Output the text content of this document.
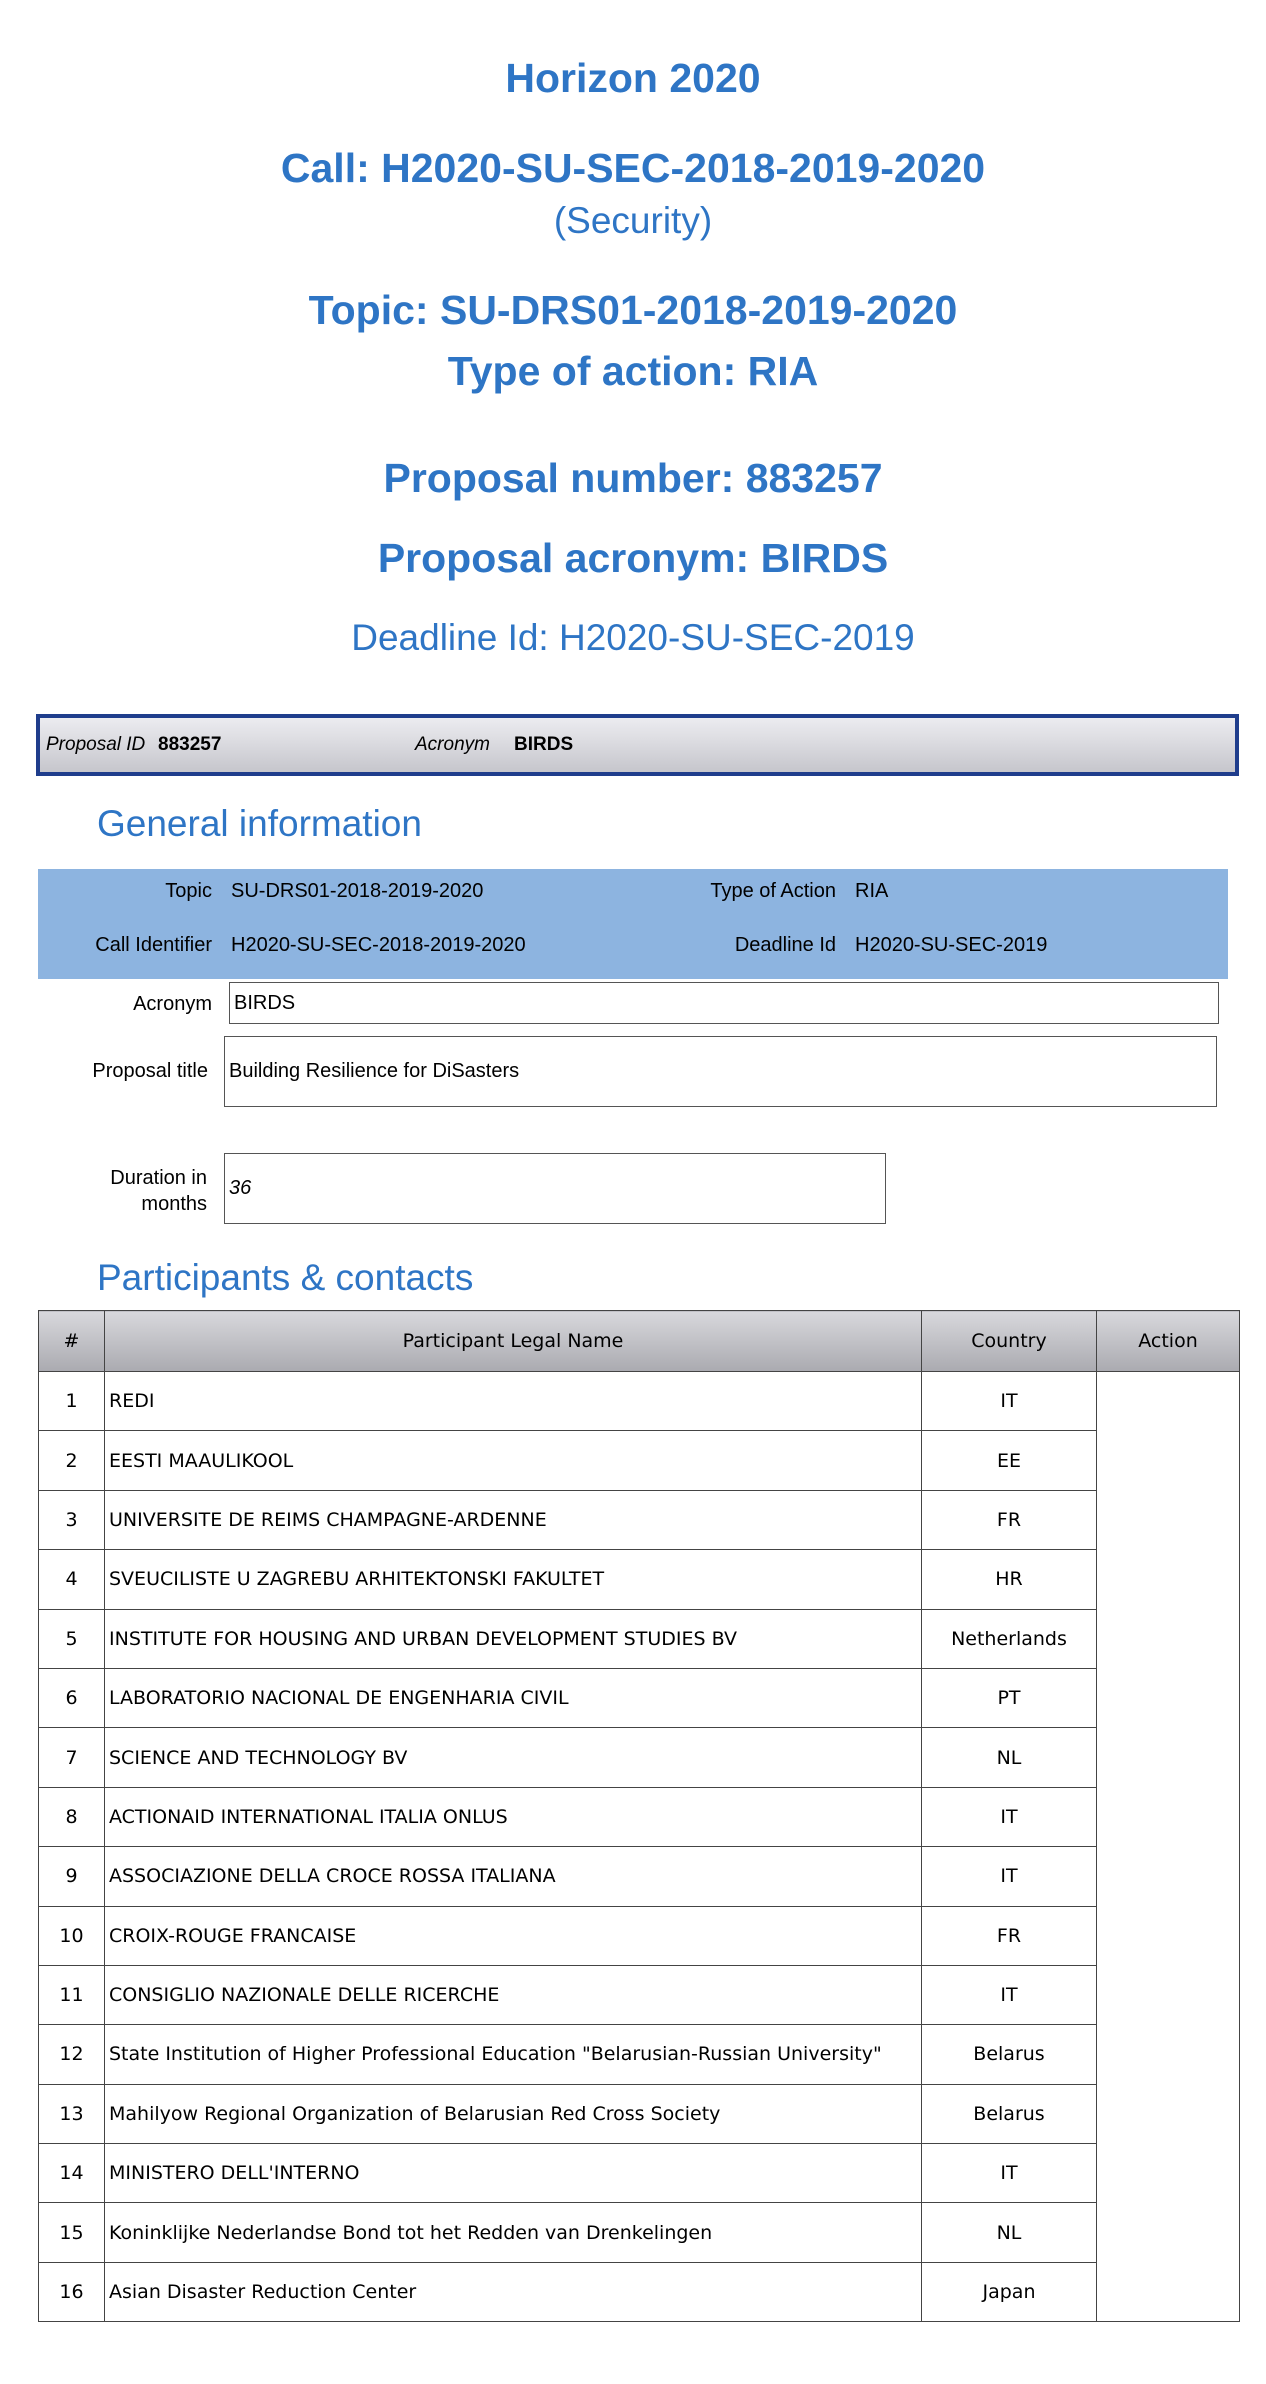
Horizon 2020
Call: H2020-SU-SEC-2018-2019-2020
(Security)
Topic: SU-DRS01-2018-2019-2020
Type of action: RIA
Proposal number: 883257
Proposal acronym: BIRDS
Deadline Id: H2020-SU-SEC-2019
Proposal ID 883257	Acronym BIRDS
General information
Topic SU-DRS01-2018-2019-2020	Type of Action RIA
Call Identifier H2020-SU-SEC-2018-2019-2020	Deadline Id H2020-SU-SEC-2019
Acronym BIRDS
Proposal title Building Resilience for DiSasters
Duration in
months
36
Participants & contacts
#	Participant Legal Name	Country	Action
1	REDI	IT	
2	EESTI MAAULIKOOL	EE	
3	UNIVERSITE DE REIMS CHAMPAGNE-ARDENNE	FR	
4	SVEUCILISTE U ZAGREBU ARHITEKTONSKI FAKULTET	HR	
5	INSTITUTE FOR HOUSING AND URBAN DEVELOPMENT STUDIES BV	Netherlands	
6	LABORATORIO NACIONAL DE ENGENHARIA CIVIL	PT	
7	SCIENCE AND TECHNOLOGY BV	NL	
8	ACTIONAID INTERNATIONAL ITALIA ONLUS	IT	
9	ASSOCIAZIONE DELLA CROCE ROSSA ITALIANA	IT	
10	CROIX-ROUGE FRANCAISE	FR	
11	CONSIGLIO NAZIONALE DELLE RICERCHE	IT	
12	State Institution of Higher Professional Education "Belarusian-Russian University"	Belarus	
13	Mahilyow Regional Organization of Belarusian Red Cross Society	Belarus	
14	MINISTERO DELL'INTERNO	IT	
15	Koninklijke Nederlandse Bond tot het Redden van Drenkelingen	NL	
16	Asian Disaster Reduction Center	Japan	
